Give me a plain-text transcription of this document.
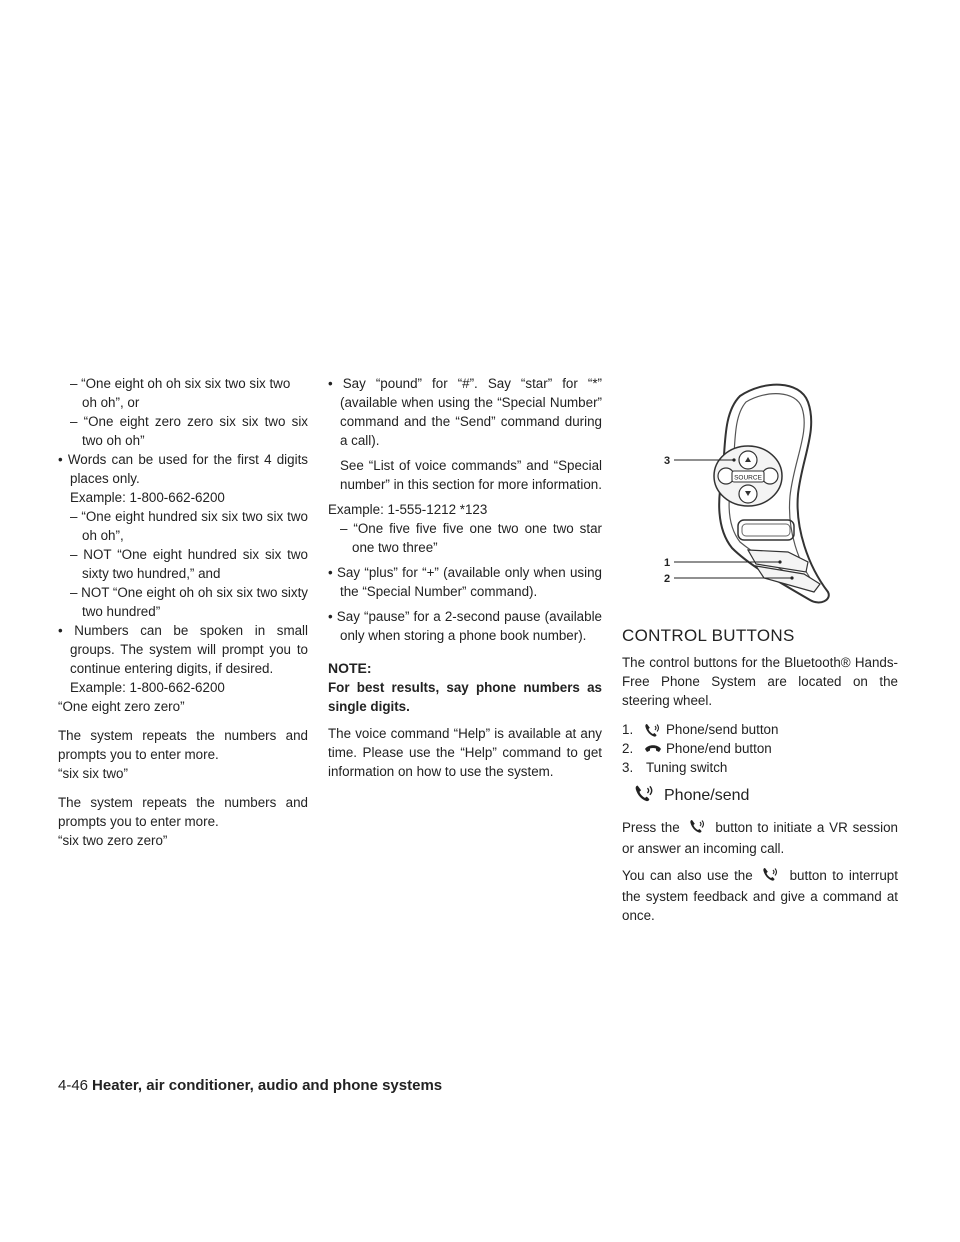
– “One eight oh oh six six two six two oh oh”, or

– “One eight zero zero six six two six two oh oh”

• Words can be used for the first 4 digits places only.

Example: 1-800-662-6200

– “One eight hundred six six two six two oh oh”,

– NOT “One eight hundred six six two sixty two hundred,” and

– NOT “One eight oh oh six six two sixty two hundred”

• Numbers can be spoken in small groups. The system will prompt you to continue entering digits, if desired.

Example: 1-800-662-6200

“One eight zero zero”

The system repeats the numbers and prompts you to enter more.

“six six two”

The system repeats the numbers and prompts you to enter more.

“six two zero zero”

• Say “pound” for “#”. Say “star” for “*” (available when using the “Special Number” command and the “Send” command during a call).

See “List of voice commands” and “Special number” in this section for more information.

Example: 1-555-1212 *123

– “One five five five one two one two star one two three”

• Say “plus” for “+” (available only when using the “Special Number” command).

• Say “pause” for a 2-second pause (available only when storing a phone book number).

NOTE:

For best results, say phone numbers as single digits.

The voice command “Help” is available at any time. Please use the “Help” command to get information on how to use the system.

SOURCE
3
1
2

CONTROL BUTTONS

The control buttons for the Bluetooth® Hands-Free Phone System are located on the steering wheel.

1.	Phone/send button
2.	Phone/end button
3. Tuning switch
Phone/send

Press the	button to initiate a VR session or answer an incoming call.

You can also use the	button to interrupt the system feedback and give a command at once.

4-46 Heater, air conditioner, audio and phone systems
